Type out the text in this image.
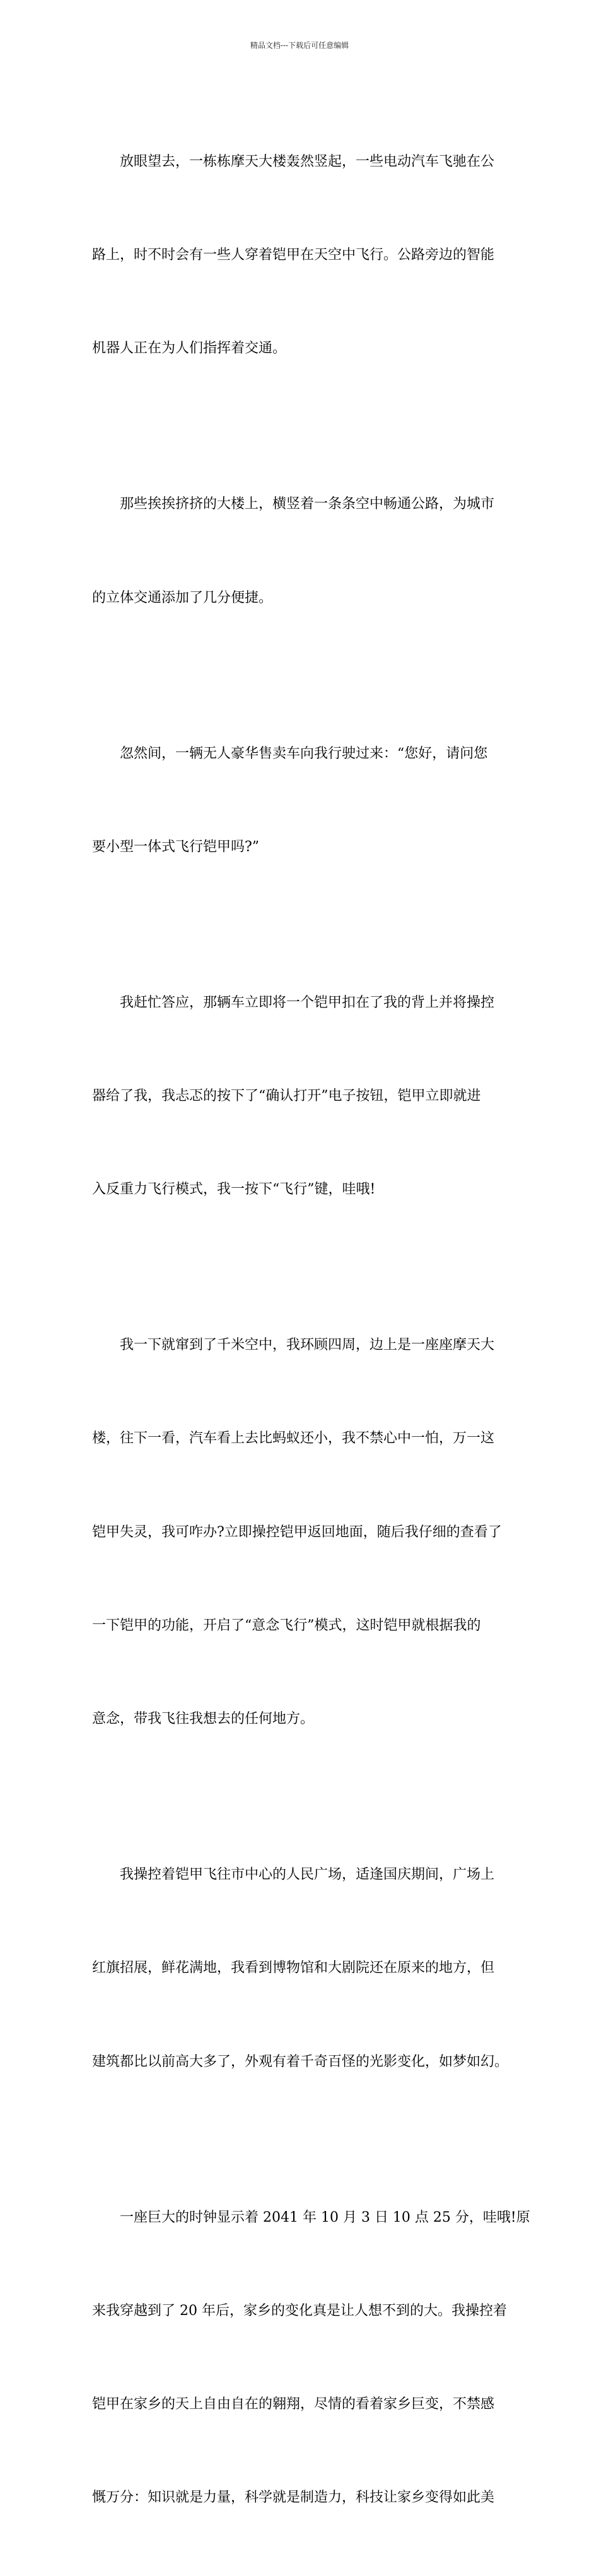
精品文档---下载后可任意编辑

放眼望去，一栋栋摩天大楼轰然竖起，一些电动汽车飞驰在公

路上，时不时会有一些人穿着铠甲在天空中飞行。公路旁边的智能

机器人正在为人们指挥着交通。

那些挨挨挤挤的大楼上，横竖着一条条空中畅通公路，为城市

的立体交通添加了几分便捷。

忽然间，一辆无人豪华售卖车向我行驶过来：“您好，请问您

要小型一体式飞行铠甲吗?”

我赶忙答应，那辆车立即将一个铠甲扣在了我的背上并将操控

器给了我，我忐忑的按下了“确认打开”电子按钮，铠甲立即就进

入反重力飞行模式，我一按下“飞行”键，哇哦!

我一下就窜到了千米空中，我环顾四周，边上是一座座摩天大

楼，往下一看，汽车看上去比蚂蚁还小，我不禁心中一怕，万一这

铠甲失灵，我可咋办?立即操控铠甲返回地面，随后我仔细的查看了

一下铠甲的功能，开启了“意念飞行”模式，这时铠甲就根据我的

意念，带我飞往我想去的任何地方。

我操控着铠甲飞往市中心的人民广场，适逢国庆期间，广场上

红旗招展，鲜花满地，我看到博物馆和大剧院还在原来的地方，但

建筑都比以前高大多了，外观有着千奇百怪的光影变化，如梦如幻。

一座巨大的时钟显示着 2041 年 10 月 3 日 10 点 25 分，哇哦!原

来我穿越到了 20 年后，家乡的变化真是让人想不到的大。我操控着

铠甲在家乡的天上自由自在的翱翔，尽情的看着家乡巨变，不禁感

慨万分：知识就是力量，科学就是制造力，科技让家乡变得如此美
